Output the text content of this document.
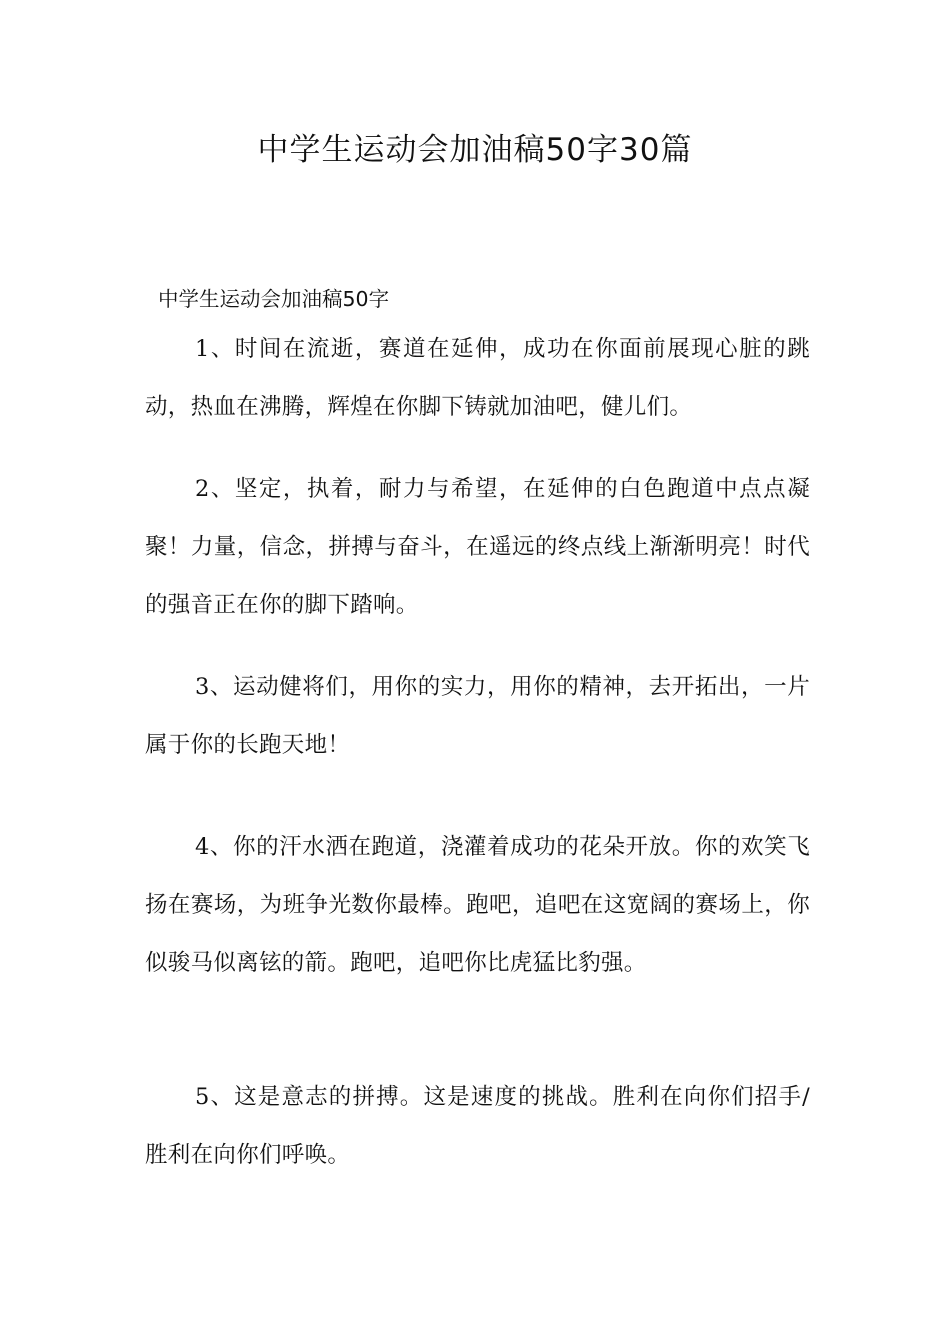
中学生运动会加油稿50字30篇

中学生运动会加油稿50字

1、时间在流逝，赛道在延伸，成功在你面前展现心脏的跳动，热血在沸腾，辉煌在你脚下铸就加油吧，健儿们。

2、坚定，执着，耐力与希望，在延伸的白色跑道中点点凝聚！力量，信念，拼搏与奋斗，在遥远的终点线上渐渐明亮！时代的强音正在你的脚下踏响。

3、运动健将们，用你的实力，用你的精神，去开拓出，一片属于你的长跑天地！

4、你的汗水洒在跑道，浇灌着成功的花朵开放。你的欢笑飞扬在赛场，为班争光数你最棒。跑吧，追吧在这宽阔的赛场上，你似骏马似离铉的箭。跑吧，追吧你比虎猛比豹强。

5、这是意志的拼搏。这是速度的挑战。胜利在向你们招手/胜利在向你们呼唤。
